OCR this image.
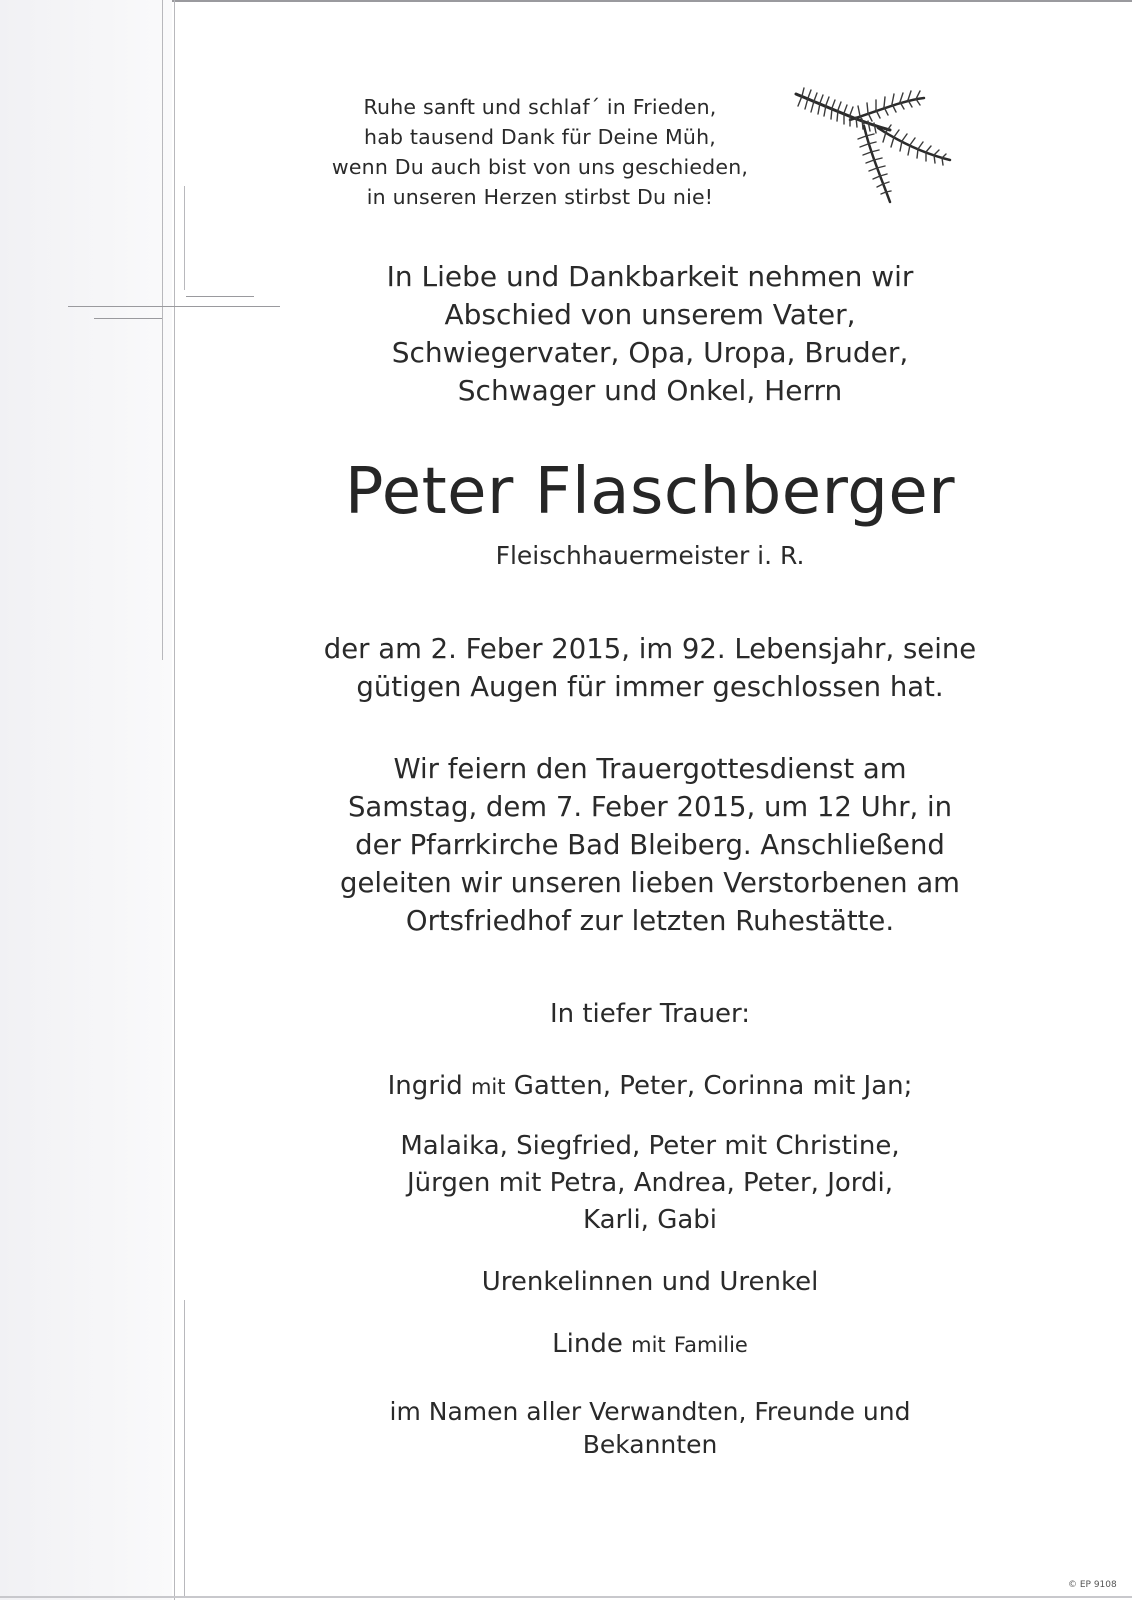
Ruhe sanft und schlaf´ in Frieden,
hab tausend Dank für Deine Müh,
wenn Du auch bist von uns geschieden,
in unseren Herzen stirbst Du nie!
In Liebe und Dankbarkeit nehmen wir
Abschied von unserem Vater,
Schwiegervater, Opa, Uropa, Bruder,
Schwager und Onkel, Herrn
Peter Flaschberger
Fleischhauermeister i. R.
der am 2. Feber 2015, im 92. Lebensjahr, seine
gütigen Augen für immer geschlossen hat.
Wir feiern den Trauergottesdienst am
Samstag, dem 7. Feber 2015, um 12 Uhr, in
der Pfarrkirche Bad Bleiberg. Anschließend
geleiten wir unseren lieben Verstorbenen am
Ortsfriedhof zur letzten Ruhestätte.
In tiefer Trauer:
Ingrid mit Gatten, Peter, Corinna mit Jan;
Malaika, Siegfried, Peter mit Christine,
Jürgen mit Petra, Andrea, Peter, Jordi,
Karli, Gabi
Urenkelinnen und Urenkel
Linde mit Familie
im Namen aller Verwandten, Freunde und
Bekannten
© EP 9108
